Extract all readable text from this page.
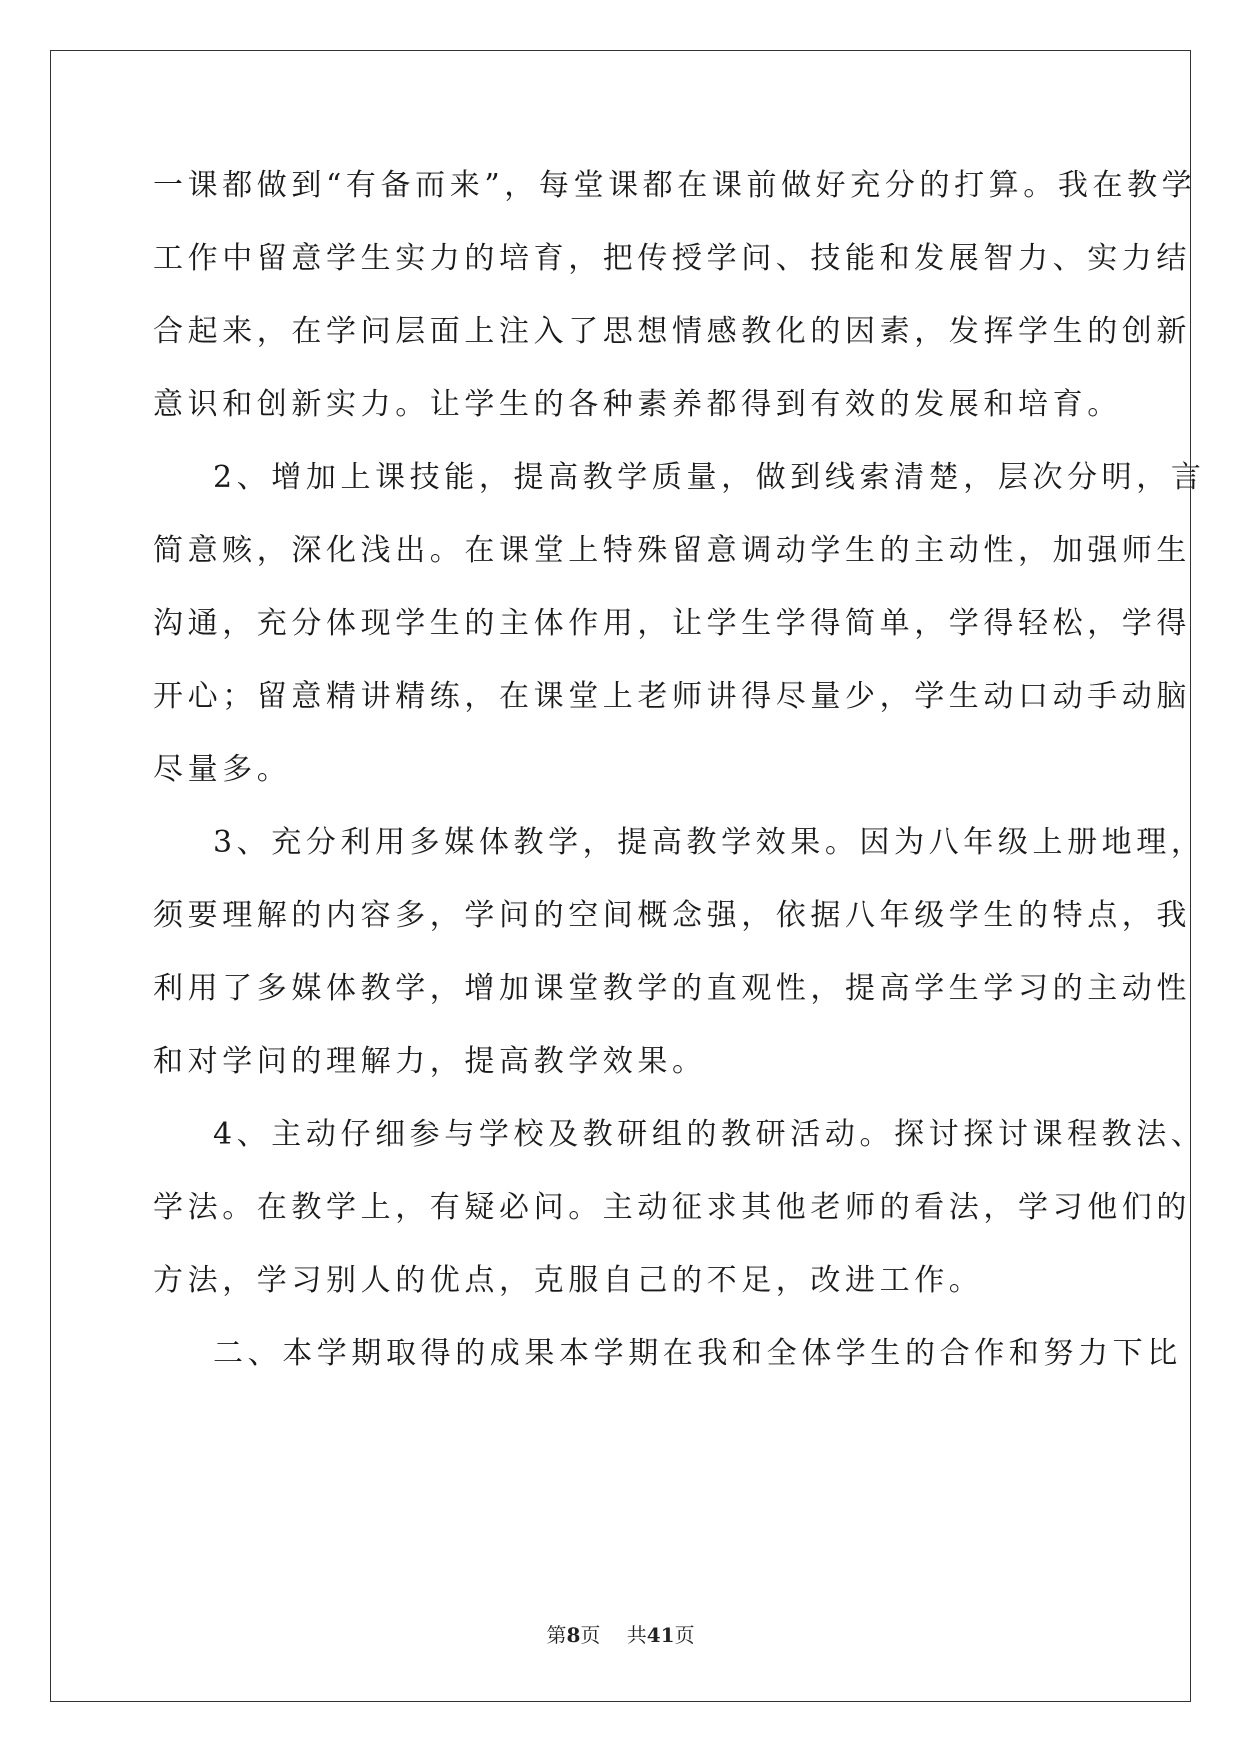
一课都做到“有备而来”，每堂课都在课前做好充分的打算。我在教学
工作中留意学生实力的培育，把传授学问、技能和发展智力、实力结
合起来，在学问层面上注入了思想情感教化的因素，发挥学生的创新
意识和创新实力。让学生的各种素养都得到有效的发展和培育。
2、增加上课技能，提高教学质量，做到线索清楚，层次分明，言
简意赅，深化浅出。在课堂上特殊留意调动学生的主动性，加强师生
沟通，充分体现学生的主体作用，让学生学得简单，学得轻松，学得
开心；留意精讲精练，在课堂上老师讲得尽量少，学生动口动手动脑
尽量多。
3、充分利用多媒体教学，提高教学效果。因为八年级上册地理，
须要理解的内容多，学问的空间概念强，依据八年级学生的特点，我
利用了多媒体教学，增加课堂教学的直观性，提高学生学习的主动性
和对学问的理解力，提高教学效果。
4、主动仔细参与学校及教研组的教研活动。探讨探讨课程教法、
学法。在教学上，有疑必问。主动征求其他老师的看法，学习他们的
方法，学习别人的优点，克服自己的不足，改进工作。
二、本学期取得的成果本学期在我和全体学生的合作和努力下比
第8页   共41页
